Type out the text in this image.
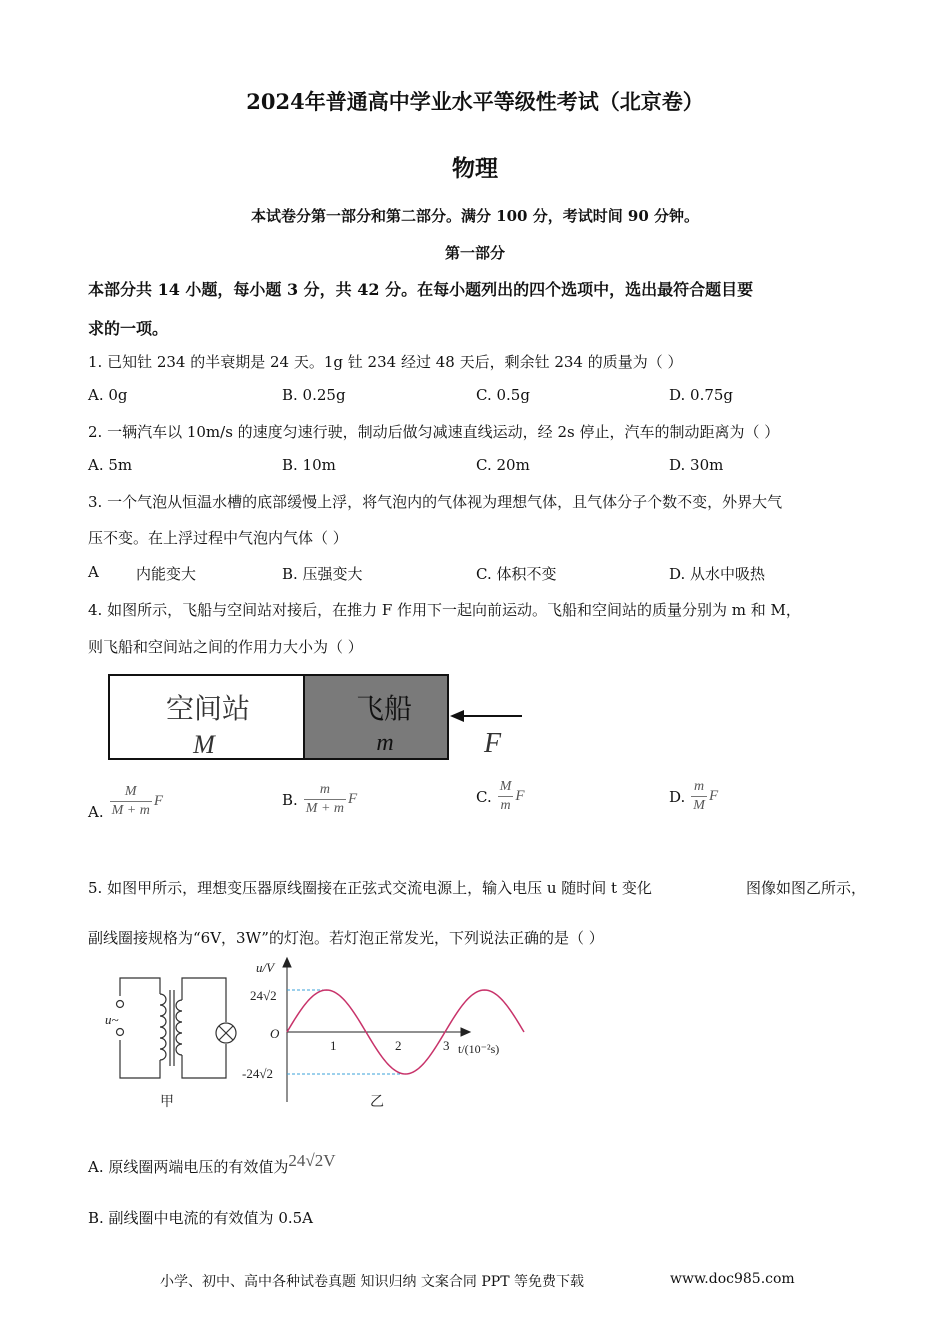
2024年普通高中学业水平等级性考试（北京卷）
物理
本试卷分第一部分和第二部分。满分 100 分，考试时间 90 分钟。
第一部分
本部分共 14 小题，每小题 3 分，共 42 分。在每小题列出的四个选项中，选出最符合题目要
求的一项。
1. 已知钍 234 的半衰期是 24 天。1g 钍 234 经过 48 天后，剩余钍 234 的质量为（ ）
A. 0g	B. 0.25g	C. 0.5g	D. 0.75g
2. 一辆汽车以 10m/s 的速度匀速行驶，制动后做匀减速直线运动，经 2s 停止，汽车的制动距离为（ ）
A. 5m	B. 10m	C. 20m	D. 30m
3. 一个气泡从恒温水槽的底部缓慢上浮，将气泡内的气体视为理想气体，且气体分子个数不变，外界大气
压不变。在上浮过程中气泡内气体（ ）
A 内能变大	B. 压强变大	C. 体积不变	D. 从水中吸热
4. 如图所示，飞船与空间站对接后，在推力 F 作用下一起向前运动。飞船和空间站的质量分别为 m 和 M，
则飞船和空间站之间的作用力大小为（ ）
空间站
M
飞船
m	F
A. $\frac{M}{M + m}$ F	B. $\frac{m}{M + m}$ F	C. $\frac{M}{m}$ F	D. $\frac{m}{M}$ F
5. 如图甲所示，理想变压器原线圈接在正弦式交流电源上，输入电压 u 随时间 t 变化	图像如图乙所示，
副线圈接规格为“6V，3W”的灯泡。若灯泡正常发光，下列说法正确的是（ ）
u~
甲
u/V
24√2
O
-24√2
1	2	3 t/(10⁻²s)
乙
A. 原线圈两端电压的有效值为24√2V
B. 副线圈中电流的有效值为 0.5A
小学、初中、高中各种试卷真题 知识归纳 文案合同 PPT 等免费下载	www.doc985.com
